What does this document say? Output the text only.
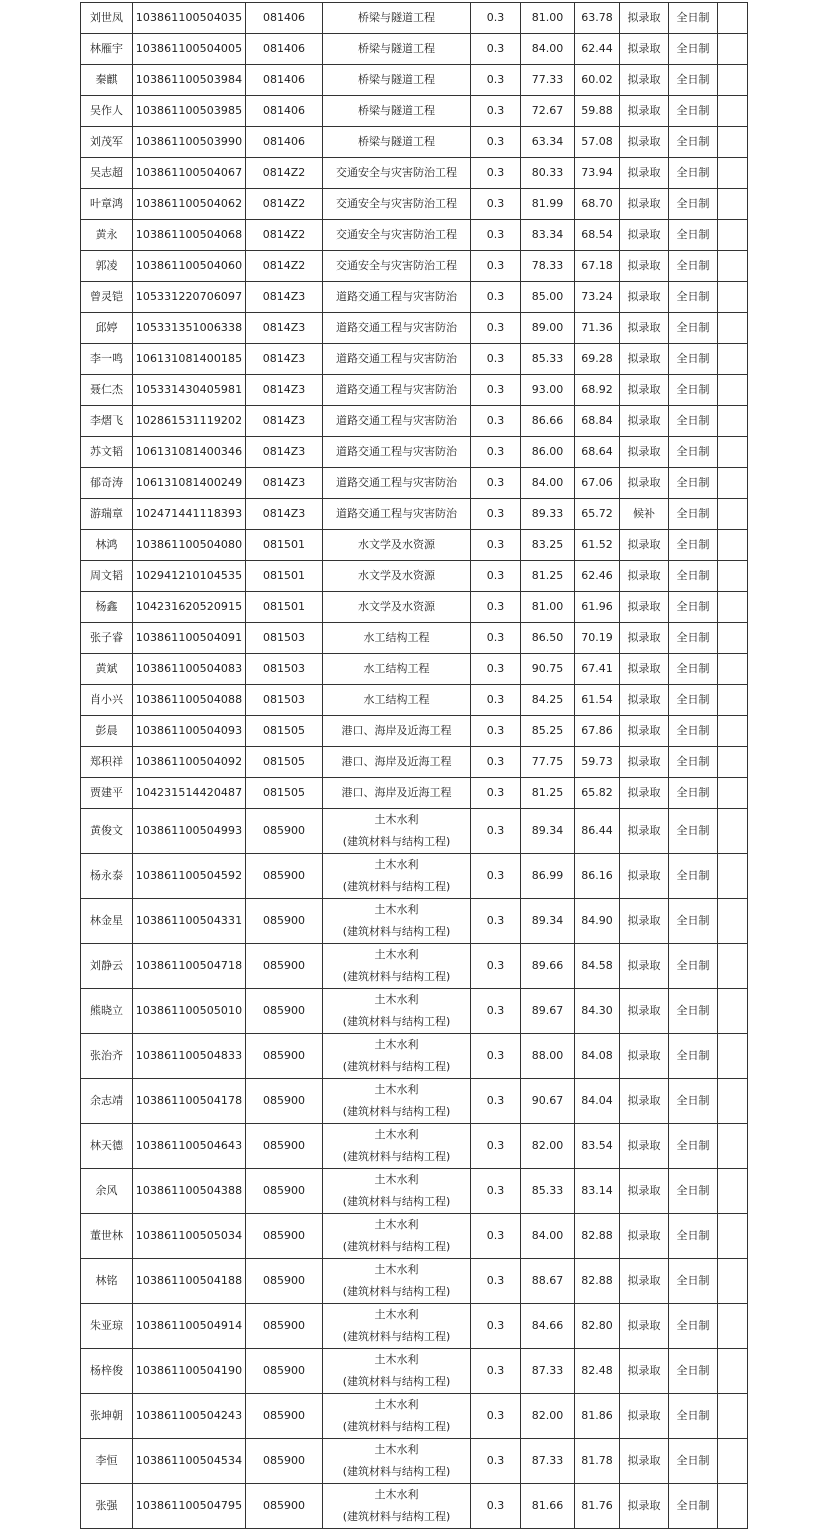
刘世凤	103861100504035	081406	桥梁与隧道工程	0.3	81.00	63.78	拟录取	全日制	
林雁宇	103861100504005	081406	桥梁与隧道工程	0.3	84.00	62.44	拟录取	全日制	
秦麒	103861100503984	081406	桥梁与隧道工程	0.3	77.33	60.02	拟录取	全日制	
吴作人	103861100503985	081406	桥梁与隧道工程	0.3	72.67	59.88	拟录取	全日制	
刘茂军	103861100503990	081406	桥梁与隧道工程	0.3	63.34	57.08	拟录取	全日制	
吴志超	103861100504067	0814Z2	交通安全与灾害防治工程	0.3	80.33	73.94	拟录取	全日制	
叶章鸿	103861100504062	0814Z2	交通安全与灾害防治工程	0.3	81.99	68.70	拟录取	全日制	
黄永	103861100504068	0814Z2	交通安全与灾害防治工程	0.3	83.34	68.54	拟录取	全日制	
郭凌	103861100504060	0814Z2	交通安全与灾害防治工程	0.3	78.33	67.18	拟录取	全日制	
曾灵铠	105331220706097	0814Z3	道路交通工程与灾害防治	0.3	85.00	73.24	拟录取	全日制	
邱婷	105331351006338	0814Z3	道路交通工程与灾害防治	0.3	89.00	71.36	拟录取	全日制	
李一鸣	106131081400185	0814Z3	道路交通工程与灾害防治	0.3	85.33	69.28	拟录取	全日制	
聂仁杰	105331430405981	0814Z3	道路交通工程与灾害防治	0.3	93.00	68.92	拟录取	全日制	
李熠飞	102861531119202	0814Z3	道路交通工程与灾害防治	0.3	86.66	68.84	拟录取	全日制	
苏文韬	106131081400346	0814Z3	道路交通工程与灾害防治	0.3	86.00	68.64	拟录取	全日制	
郁奇涛	106131081400249	0814Z3	道路交通工程与灾害防治	0.3	84.00	67.06	拟录取	全日制	
游瑞章	102471441118393	0814Z3	道路交通工程与灾害防治	0.3	89.33	65.72	候补	全日制	
林鸿	103861100504080	081501	水文学及水资源	0.3	83.25	61.52	拟录取	全日制	
周文韬	102941210104535	081501	水文学及水资源	0.3	81.25	62.46	拟录取	全日制	
杨鑫	104231620520915	081501	水文学及水资源	0.3	81.00	61.96	拟录取	全日制	
张子睿	103861100504091	081503	水工结构工程	0.3	86.50	70.19	拟录取	全日制	
黄斌	103861100504083	081503	水工结构工程	0.3	90.75	67.41	拟录取	全日制	
肖小兴	103861100504088	081503	水工结构工程	0.3	84.25	61.54	拟录取	全日制	
彭晨	103861100504093	081505	港口、海岸及近海工程	0.3	85.25	67.86	拟录取	全日制	
郑积祥	103861100504092	081505	港口、海岸及近海工程	0.3	77.75	59.73	拟录取	全日制	
贾建平	104231514420487	081505	港口、海岸及近海工程	0.3	81.25	65.82	拟录取	全日制	
黄俊文	103861100504993	085900	土木水利
(建筑材料与结构工程)	0.3	89.34	86.44	拟录取	全日制	
杨永泰	103861100504592	085900	土木水利
(建筑材料与结构工程)	0.3	86.99	86.16	拟录取	全日制	
林金星	103861100504331	085900	土木水利
(建筑材料与结构工程)	0.3	89.34	84.90	拟录取	全日制	
刘静云	103861100504718	085900	土木水利
(建筑材料与结构工程)	0.3	89.66	84.58	拟录取	全日制	
熊晓立	103861100505010	085900	土木水利
(建筑材料与结构工程)	0.3	89.67	84.30	拟录取	全日制	
张治齐	103861100504833	085900	土木水利
(建筑材料与结构工程)	0.3	88.00	84.08	拟录取	全日制	
余志靖	103861100504178	085900	土木水利
(建筑材料与结构工程)	0.3	90.67	84.04	拟录取	全日制	
林天德	103861100504643	085900	土木水利
(建筑材料与结构工程)	0.3	82.00	83.54	拟录取	全日制	
余风	103861100504388	085900	土木水利
(建筑材料与结构工程)	0.3	85.33	83.14	拟录取	全日制	
董世林	103861100505034	085900	土木水利
(建筑材料与结构工程)	0.3	84.00	82.88	拟录取	全日制	
林铭	103861100504188	085900	土木水利
(建筑材料与结构工程)	0.3	88.67	82.88	拟录取	全日制	
朱亚琼	103861100504914	085900	土木水利
(建筑材料与结构工程)	0.3	84.66	82.80	拟录取	全日制	
杨梓俊	103861100504190	085900	土木水利
(建筑材料与结构工程)	0.3	87.33	82.48	拟录取	全日制	
张坤朝	103861100504243	085900	土木水利
(建筑材料与结构工程)	0.3	82.00	81.86	拟录取	全日制	
李恒	103861100504534	085900	土木水利
(建筑材料与结构工程)	0.3	87.33	81.78	拟录取	全日制	
张强	103861100504795	085900	土木水利
(建筑材料与结构工程)	0.3	81.66	81.76	拟录取	全日制	
